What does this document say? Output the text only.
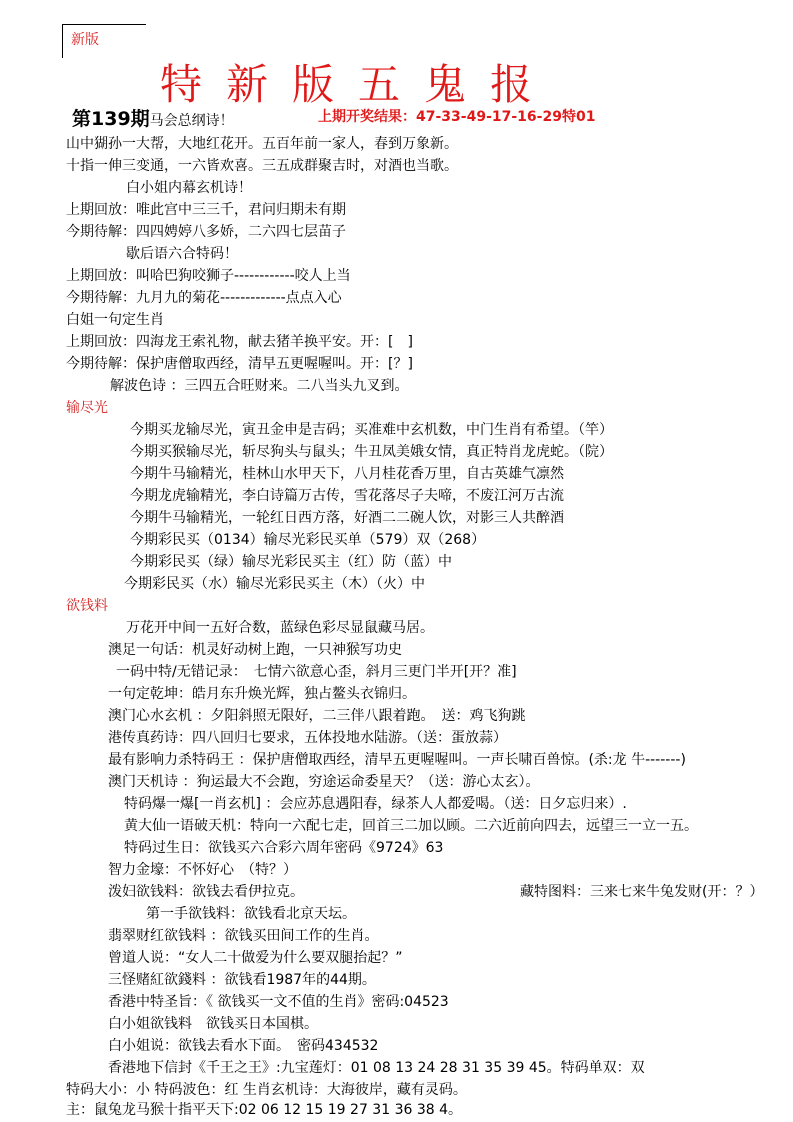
新版
特新版五鬼报
第139期马会总纲诗！	上期开奖结果：47-33-49-17-16-29特01
山中猢孙一大帮，大地红花开。五百年前一家人，春到万象新。
十指一伸三变通，一六皆欢喜。三五成群聚吉时，对酒也当歌。
白小姐内幕玄机诗！
上期回放：唯此宫中三三千，君问归期未有期
今期待解：四四娉婷八多娇，二六四七层苗子
歇后语六合特码！
上期回放：叫哈巴狗咬狮子------------咬人上当
今期待解：九月九的菊花-------------点点入心
白姐一句定生肖
上期回放：四海龙王索礼物，献去猪羊换平安。开：[　]
今期待解：保护唐僧取西经，清早五更喔喔叫。开：[？]
解波色诗 ：三四五合旺财来。二八当头九叉到。
输尽光
今期买龙输尽光，寅丑金申是吉码；买准难中玄机数，中门生肖有希望。（竿）
今期买猴输尽光，斩尽狗头与鼠头；牛丑凤美娥女情，真正特肖龙虎蛇。（院）
今期牛马输精光，桂林山水甲天下，八月桂花香万里，自古英雄气凛然
今期龙虎输精光，李白诗篇万古传，雪花落尽子夫啼，不废江河万古流
今期牛马输精光，一轮红日西方落，好酒二二碗人饮，对影三人共醉酒
今期彩民买（0134）输尽光彩民买单（579）双（268）
今期彩民买（绿）输尽光彩民买主（红）防（蓝）中
今期彩民买（水）输尽光彩民买主（木）（火）中
欲钱料
万花开中间一五好合数，蓝绿色彩尽显鼠藏马居。
澳足一句话：机灵好动树上跑，一只神猴写功史
一码中特/无错记录：　七情六欲意心歪，斜月三更门半开[开？准]
一句定乾坤：皓月东升焕光辉，独占鳌头衣锦归。
澳门心水玄机 ：夕阳斜照无限好，二三伴八跟着跑。　送：鸡飞狗跳
港传真药诗：四八回归七要求，五体投地水陆游。（送：蛋放蒜）
最有影响力杀特码王 ：保护唐僧取西经，清早五更喔喔叫。一声长啸百兽惊。(杀:龙 牛-------)
澳门天机诗 ：狗运最大不会跑，穷途运命委星天？（送：游心太玄）。
特码爆一爆[一肖玄机] ：会应苏息遇阳春，绿茶人人都爱喝。（送：日夕忘归来）.
黄大仙一语破天机：特向一六配七走，回首三二加以顾。二六近前向四去，远望三一立一五。
特码过生日：欲钱买六合彩六周年密码《9724》63
智力金壕：不怀好心　（特？）
泼妇欲钱料：欲钱去看伊拉克。	藏特图料：三来七来牛兔发财(开：？）
第一手欲钱料：欲钱看北京天坛。
翡翠财红欲钱料 ：欲钱买田间工作的生肖。
曾道人说：“女人二十做爱为什么要双腿抬起？”
三怪赌紅欲錢料 ：欲钱看1987年的44期。
香港中特圣旨：《 欲钱买一文不值的生肖》密码:04523
白小姐欲钱料　欲钱买日本国棋。
白小姐说：欲钱去看水下面。　密码434532
香港地下信封《千王之王》:九宝莲灯：01 08 13 24 28 31 35 39 45。特码单双：双
特码大小：小 特码波色：红 生肖玄机诗：大海彼岸，藏有灵码。
主：鼠兔龙马猴十指平天下:02 06 12 15 19 27 31 36 38 4。
